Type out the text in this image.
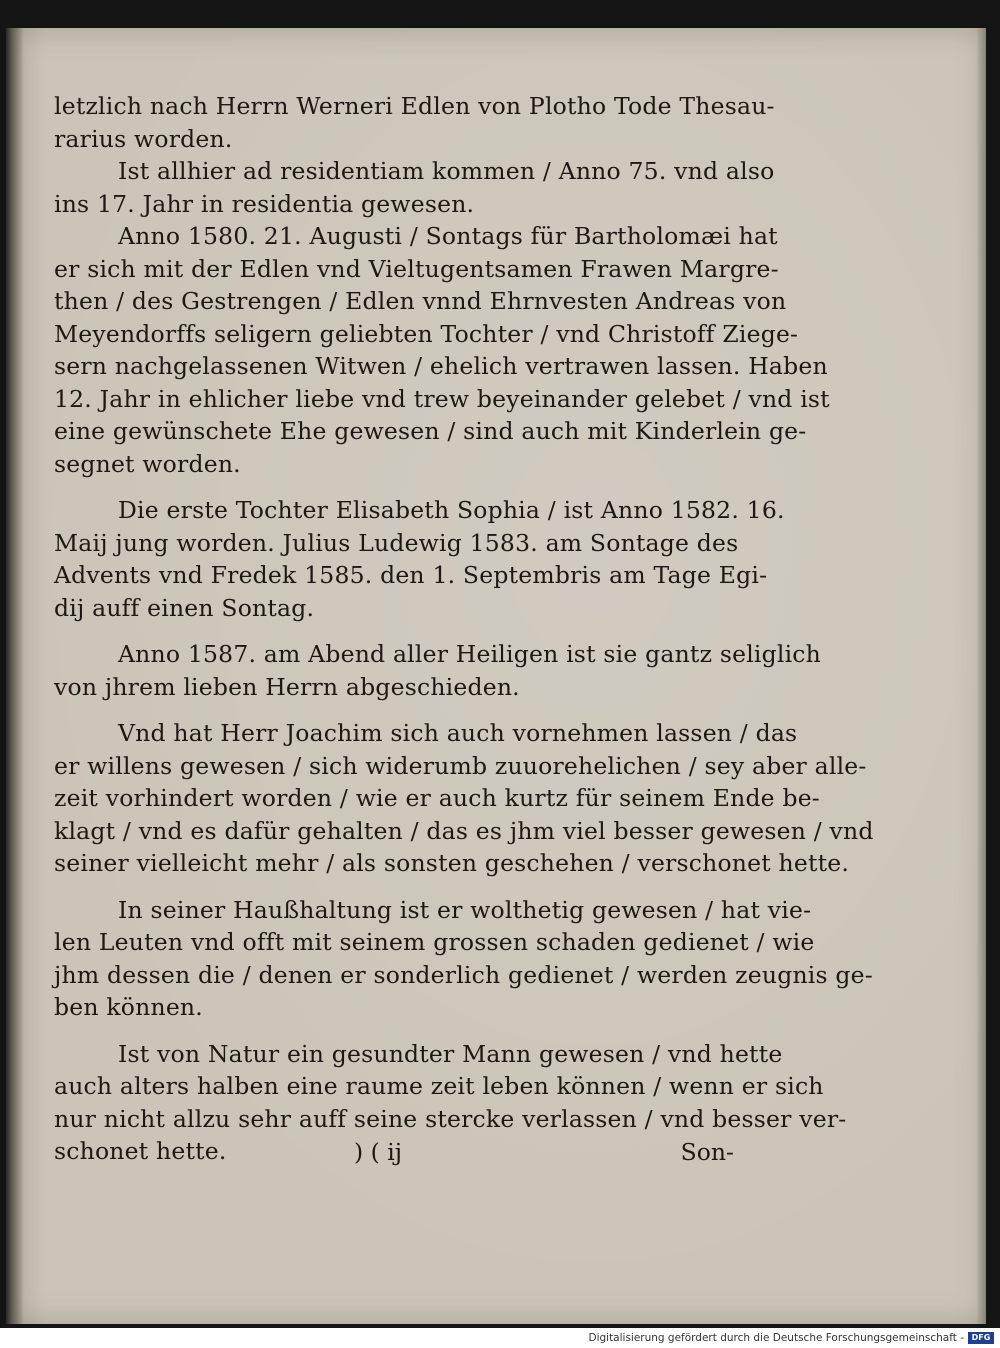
letzlich nach Herrn Werneri Edlen von Plotho Tode Thesau-
rarius worden.
Ist allhier ad residentiam kommen / Anno 75. vnd also
ins 17. Jahr in residentia gewesen.
Anno 1580. 21. Augusti / Sontags für Bartholomæi hat
er sich mit der Edlen vnd Vieltugentsamen Frawen Margre-
then / des Gestrengen / Edlen vnnd Ehrnvesten Andreas von
Meyendorffs seligern geliebten Tochter / vnd Christoff Ziege-
sern nachgelassenen Witwen / ehelich vertrawen lassen. Haben
12. Jahr in ehlicher liebe vnd trew beyeinander gelebet / vnd ist
eine gewünschete Ehe gewesen / sind auch mit Kinderlein ge-
segnet worden.
Die erste Tochter Elisabeth Sophia / ist Anno 1582. 16.
Maij jung worden. Julius Ludewig 1583. am Sontage des
Advents vnd Fredek 1585. den 1. Septembris am Tage Egi-
dij auff einen Sontag.
Anno 1587. am Abend aller Heiligen ist sie gantz seliglich
von jhrem lieben Herrn abgeschieden.
Vnd hat Herr Joachim sich auch vornehmen lassen / das
er willens gewesen / sich widerumb zuuorehelichen / sey aber alle-
zeit vorhindert worden / wie er auch kurtz für seinem Ende be-
klagt / vnd es dafür gehalten / das es jhm viel besser gewesen / vnd
seiner vielleicht mehr / als sonsten geschehen / verschonet hette.
In seiner Haußhaltung ist er wolthetig gewesen / hat vie-
len Leuten vnd offt mit seinem grossen schaden gedienet / wie
jhm dessen die / denen er sonderlich gedienet / werden zeugnis ge-
ben können.
Ist von Natur ein gesundter Mann gewesen / vnd hette
auch alters halben eine raume zeit leben können / wenn er sich
nur nicht allzu sehr auff seine stercke verlassen / vnd besser ver-
schonet hette.	) ( ij	Son-
Digitalisierung gefördert durch die Deutsche Forschungsgemeinschaft - DFG
